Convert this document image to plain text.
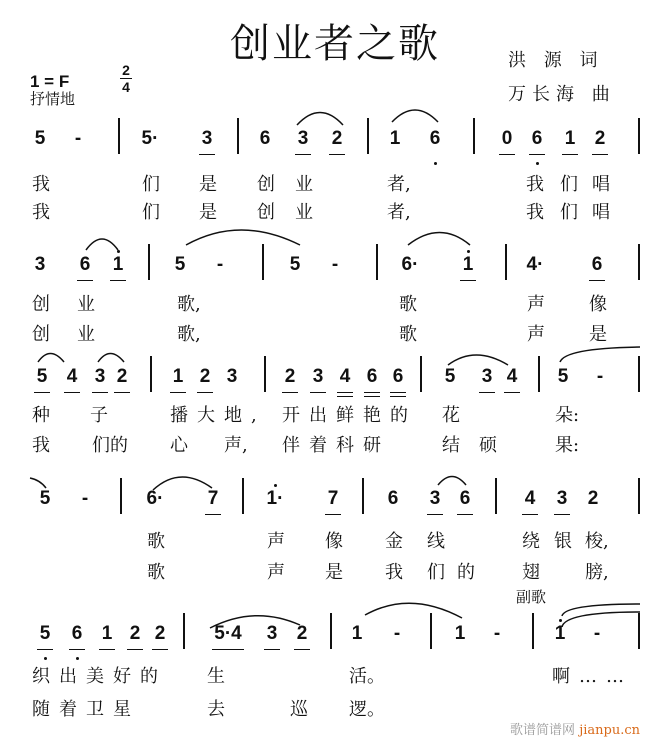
创业者之歌
1 = F	$\frac{2}{4}$
抒情地
洪 源 词
万长海 曲
副歌
歌谱简谱网 jianpu.cn
5	-	5· 3 6 3 2 1 6	0 6 1 2
我	们 是 创 业	者,	我 们 唱
我	们 是 创 业	者,	我 们 唱
3 6 1	5	-	5	-	6· 1	4·	6
创 业	歌,	歌	声 像
创 业	歌,	歌	声 是
5 4 3 2 1 2 3 2 3 4 6 6 5 3 4 5	-
种 子	播大地, 开出鲜艳的 花	朵:
我 们的 心 声, 伴着科研	结 硕	果:
5	-	6· 7	1· 7	6 3 6	4 3 2
歌	声 像 金 线	绕 银 梭,
歌	声 是 我 们 的	翅	膀,
5 6 1 2 2	5·4 3 2 1	-	1	-	1	-
织出美好的 生	活。	啊……
随着卫星	去	巡 逻。
